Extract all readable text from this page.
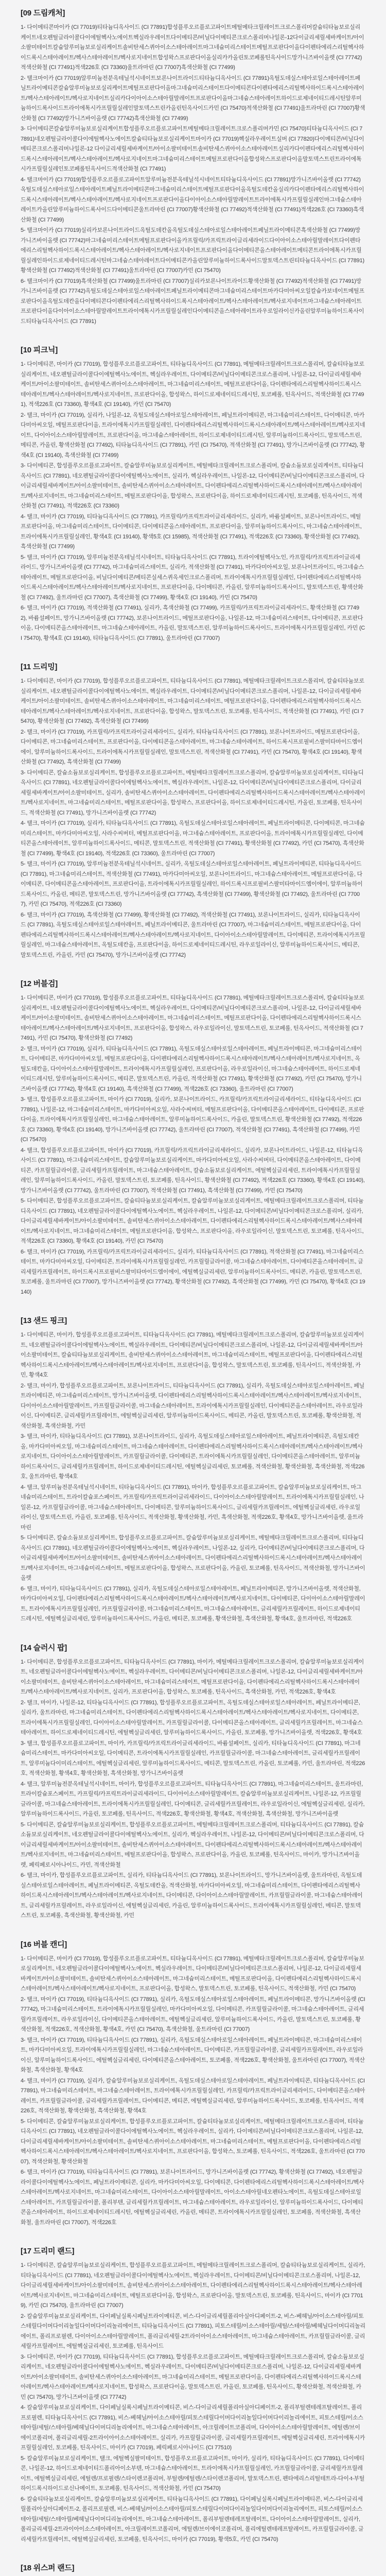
[09 드림캐처]

1- 다이메티콘마이카 (CI 77019)티타늄디옥사이드 (CI 77891)합성플루오르플로고파이트메틸메타크릴레이트크로스폴리머칼슘티타늄보로실리케이트네오펜틸글라이콜다이에틸헥사노에이트헥실라우레이트다이메티콘/비닐다이메티콘크로스폴리머나일론-12다이글리세릴세바케이트/아이소팔미테이트칼슘알루미늄보로실리케이트솔비탄세스퀴아이소스테아레이트마그네슘미리스테이트메틸프로판다이올다이펜타에리스리틸헥사하이드록시스테아레이트/헥사스테아레이트/헥사로지네이트합성왁스프로판다이올실리카카올린토코페롤틴옥사이드망가니즈바이올렛 (CI 77742)적색산화철 (CI 77491)적색226호 (CI 73360)울트라마린 (CI 77007)흑색산화철 (CI 77499)

2- 탤크마이카 (CI 77019)알루미늄전분옥테닐석시네이트보론나이트라이드티타늄디옥사이드 (CI 77891)옥틸도데실스테아로일스테아레이트페닐트라이메티콘칼슘알루미늄보로실리케이트메틸프로판다이올마그네슘미리스테이트다이메티콘다이펜타에리스리틸헥사하이드록시스테아레이트/헥사스테아레이트/헥사로지네이트실리카다이아이소스테아릴말레이트프로판다이올마그네슘스테아레이트하이드로제네이티드레시틴알루미늄하이드록사이드트라이에톡시카프릴릴실레인말토덱스트린카올린틴옥사이드카민 (CI 75470)적색산화철 (CI 77491)울트라마린 (CI 77007)황색산화철 (CI 77492)망가니즈바이올렛 (CI 77742)흑색산화철 (CI 77499)

3- 다이메티콘칼슘알루미늄보로실리케이트합성플루오르플로고파이트메틸메타크릴레이트크로스폴리머카민 (CI 75470)티타늄디옥사이드 (CI 77891)네오펜틸글라이콜다이에틸헥사노에이트칼슘티타늄보로실리케이트마이카 (CI 77019)헥실라우레이트실버 (CI 77820)다이메티콘/비닐다이메티콘크로스폴리머나일론-12 다이글리세릴세바케이트/아이소팔미테이트솔비탄세스퀴아이소스테아레이트실리카다이펜타에리스리틸헥사하이드록시스테아레이트/헥사스테아레이트/헥사로지네이트마그네슘미리스테이트메틸프로판다이올합성왁스프로판다이올말토덱스트린트라이에톡시카프릴릴실레인토코페롤틴옥사이드적색산화철 (CI 77491)

4- 탤크마이카 (CI 77019)합성플루오르플로고파이트알루미늄전분옥테닐석시네이트티타늄디옥사이드 (CI 77891)망가니즈바이올렛 (CI 77742)옥틸도데실스테아로일스테아레이트페닐트라이메티콘마그네슘미리스테이트메틸프로판다이올옥틸도데칸올실리카다이펜타에리스리틸헥사하이드록시스테아레이트/헥사스테아레이트/헥사로지네이트프로판다이올다이아이소스테아릴말레이트트라이에톡시카프릴릴실레인마그네슘스테아레이트카올린알루미늄하이드록사이드다이메티콘울트라마린 (CI 77007)황색산화철 (CI 77492)적색산화철 (CI 77491)적색226호 (CI 73360)흑색산화철 (CI 77499)

5- 탤크마이카 (CI 77019)실리카보론나이트라이드옥틸도데칸올옥틸도데실스테아로일스테아레이트페닐트라이메티콘흑색산화철 (CI 77499)망가니즈바이올렛 (CI 77742)마그네슘미리스테이트메틸프로판다이올카프릴릭/카프릭트라이글리세라이드다이아이소스테아릴말레이트다이펜타에리스리틸헥사하이드록시스테아레이트/헥사스테아레이트/헥사로지네이트프로판다이올다이메티콘올스테아레이트메티콘트라이에톡시카프릴릴실레인하이드로제네이티드레시틴마그네슘스테아레이트다이메티콘카올린알루미늄하이드록사이드말토덱스트린티타늄디옥사이드 (CI 77891)황색산화철 (CI 77492)적색산화철 (CI 77491)울트라마린 (CI 77007)카민 (CI 75470)

6- 탤크마이카 (CI 77019)흑색산화철 (CI 77499)울트라마린 (CI 77007)실리카보론나이트라이드황색산화철 (CI 77492)적색산화철 (CI 77491)망가니즈바이올렛 (CI 77742)옥틸도데실스테아로일스테아레이트페닐트라이메티콘마그네슘미리스테이트마카다미아씨오일칼슘카보네이트메틸프로판다이올옥틸도데칸올다이메티콘다이펜타에리스리틸헥사하이드록시스테아레이트/헥사스테아레이트/헥사로지네이트마그네슘스테아레이트프로판다이올다이아이소스테아릴말레이트트라이에톡시카프릴릴실레인다이메티콘올스테아레이트라우로일라이신카올린알루미늄하이드록사이드티타늄디옥사이드 (CI 77891)

[10 피크닉]

1- 다이메티콘, 마이카 (CI 77019), 합성플루오르플로고파이트, 티타늄디옥사이드 (CI 77891), 메틸메타크릴레이트크로스폴리머, 칼슘티타늄보로실리케이트, 네오펜틸글라이콜다이에틸헥사노에이트, 헥실라우레이트, 다이메티콘/비닐다이메티콘크로스폴리머, 나일론-12, 다이글리세릴세바케이트/아이소팔미테이트, 솔비탄세스퀴아이소스테아레이트, 마그네슘미리스테이트, 메틸프로판다이올, 다이펜타에리스리틸헥사하이드록시스테아레이트/헥사스테아레이트/헥사로지네이트, 프로판다이올, 합성왁스, 하이드로제네이티드레시틴, 토코페롤, 틴옥사이드, 적색산화철 (CI 77491), 적색226호 (CI 73360), 황색4호 (CI 19140), 카민 (CI 75470)

2- 탤크, 마이카 (CI 77019), 실리카, 나일론-12, 옥틸도데실스테아로일스테아레이트, 페닐트라이메티콘, 마그네슘미리스테이트, 다이메티콘, 마카다미아씨오일, 메틸프로판다이올, 트라이에톡시카프릴릴실레인, 다이펜타에리스리틸헥사하이드록시스테아레이트/헥사스테아레이트/헥사로지네이트, 다이아이소스테아릴말레이트, 프로판다이올, 마그네슘스테아레이트, 하이드로제네이티드레시틴, 알루미늄하이드록사이드, 말토덱스트린, 메티콘, 카올린, 황색산화철 (CI 77492), 티타늄디옥사이드 (CI 77891), 카민 (CI 75470), 적색산화철 (CI 77491), 망가니즈바이올렛 (CI 77742), 황색4호 (CI 19140), 흑색산화철 (CI 77499)

3- 다이메티콘, 합성플루오르플로고파이트, 칼슘알루미늄보로실리케이트, 메틸메타크릴레이트크로스폴리머, 칼슘소듐보로실리케이트, 티타늄디옥사이드 (CI 77891), 네오펜틸글라이콜다이에틸헥사노에이트, 실리카, 헥실라우레이트, 나일론-12, 다이메티콘/비닐다이메티콘크로스폴리머, 다이글리세릴세바케이트/아이소팔미테이트, 솔비탄세스퀴아이소스테아레이트, 다이펜타에리스리틸헥사하이드록시스테아레이트/헥사스테아레이트/헥사로지네이트, 마그네슘미리스테이트, 메틸프로판다이올, 합성왁스, 프로판다이올, 하이드로제네이티드레시틴, 토코페롤, 틴옥사이드, 적색산화철 (CI 77491), 적색226호 (CI 73360)

4- 탤크, 마이카 (CI 77019), 티타늄디옥사이드 (CI 77891), 카프릴릭/카프릭트라이글리세라이드, 실리카, 바륨설페이트, 보론나이트라이드, 메틸프로판다이올, 마그네슘미리스테이트, 다이메티콘, 다이메티콘올스테아레이트, 프로판다이올, 알루미늄하이드록사이드, 마그네슘스테아레이트, 트라이에톡시카프릴릴실레인, 황색4호 (CI 19140), 황색5호 (CI 15985), 적색산화철 (CI 77491), 적색226호 (CI 73360), 황색산화철 (CI 77492), 흑색산화철 (CI 77499)

5- 탤크, 마이카 (CI 77019), 알루미늄전분옥테닐석시네이트, 티타늄디옥사이드 (CI 77891), 트라이에틸헥사노인, 카프릴릭/카프릭트라이글리세라이드, 망가니즈바이올렛 (CI 77742), 마그네슘미리스테이트, 실리카, 적색산화철 (CI 77491), 마카다미아씨오일, 보론나이트라이드, 마그네슘스테아레이트, 메틸프로판다이올, 비닐다이메티콘/메티콘실세스퀴옥세인크로스폴리머, 트라이에톡시카프릴릴실레인, 다이펜타에리스리틸헥사하이드록시스테아레이트/헥사스테아레이트/헥사로지네이트, 프로판다이올, 다이메티콘, 카올린, 알루미늄하이드록사이드, 말토덱스트린, 황색산화철 (CI 77492), 울트라마린 (CI 77007), 흑색산화철 (CI 77499), 황색4호 (CI 19140), 카민 (CI 75470)

6- 탤크, 마이카 (CI 77019), 적색산화철 (CI 77491), 실리카, 흑색산화철 (CI 77499), 카프릴릭/카프릭트라이글리세라이드, 황색산화철 (CI 77492), 바륨설페이트, 망가니즈바이올렛 (CI 77742), 보론나이트라이드, 메틸프로판다이올, 나일론-12, 마그네슘미리스테이트, 다이메티콘, 프로판다이올, 다이메티콘올스테아레이트, 마그네슘스테아레이트, 카올린, 말토덱스트린, 알루미늄하이드록사이드, 트라이에톡시카프릴릴실레인, 카민 (CI 75470), 황색4호 (CI 19140), 티타늄디옥사이드 (CI 77891), 울트라마린 (CI 77007)

[11 드리밍]

1- 다이메티콘, 마이카 (CI 77019), 합성플루오르플로고파이트, 티타늄디옥사이드 (CI 77891), 메틸메타크릴레이트크로스폴리머, 칼슘티타늄보로실리케이트, 네오펜틸글라이콜다이에틸헥사노에이트, 헥실라우레이트, 다이메티콘/비닐다이메티콘크로스폴리머, 나일론-12, 다이글리세릴세바케이트/아이소팔미테이트, 솔비탄세스퀴아이소스테아레이트, 마그네슘미리스테이트, 메틸프로판다이올, 다이펜타에리스리틸헥사하이드록시스테아레이트/헥사스테아레이트/헥사로지네이트, 프로판다이올, 합성왁스, 말토덱스트린, 토코페롤, 틴옥사이드, 적색산화철 (CI 77491), 카민 (CI 75470), 황색산화철 (CI 77492), 흑색산화철 (CI 77499)

2- 탤크, 마이카 (CI 77019), 카프릴릭/카프릭트라이글리세라이드, 실리카, 티타늄디옥사이드 (CI 77891), 보론나이트라이드, 메틸프로판다이올, 다이메티콘, 마그네슘미리스테이트, 프로판다이올, 다이메티콘올스테아레이트, 마그네슘스테아레이트, 하이드록시프로필비스팔미타마이드엠이에이, 알루미늄하이드록사이드, 트라이에톡시카프릴릴실레인, 말토덱스트린, 적색산화철 (CI 77491), 카민 (CI 75470), 황색4호 (CI 19140), 황색산화철 (CI 77492), 흑색산화철 (CI 77499)

3- 다이메티콘, 칼슘소듐보로실리케이트, 합성플루오르플로고파이트, 메틸메타크릴레이트크로스폴리머, 칼슘알루미늄보로실리케이트, 티타늄디옥사이드 (CI 77891), 네오펜틸글라이콜다이에틸헥사노에이트, 헥실라우레이트, 나일론-12, 다이메티콘/비닐다이메티콘크로스폴리머, 다이글리세릴세바케이트/아이소팔미테이트, 실리카, 솔비탄세스퀴아이소스테아레이트, 다이펜타에리스리틸헥사하이드록시스테아레이트/헥사스테아레이트/헥사로지네이트, 마그네슘미리스테이트, 메틸프로판다이올, 합성왁스, 프로판다이올, 하이드로제네이티드레시틴, 카올린, 토코페롤, 틴옥사이드, 적색산화철 (CI 77491), 망가니즈바이올렛 (CI 77742)

4- 탤크, 마이카 (CI 77019), 실리카, 티타늄디옥사이드 (CI 77891), 옥틸도데실스테아로일스테아레이트, 페닐트라이메티콘, 다이메티콘, 마그네슘미리스테이트, 마카다미아씨오일, 사라수씨버터, 메틸프로판다이올, 마그네슘스테아레이트, 프로판다이올, 트라이에톡시카프릴릴실레인, 다이메티콘올스테아레이트, 알루미늄하이드록사이드, 메티콘, 말토덱스트린, 적색산화철 (CI 77491), 황색산화철 (CI 77492), 카민 (CI 75470), 흑색산화철 (CI 77499), 황색4호 (CI 19140), 적색226호 (CI 73360), 울트라마린 (CI 77007)

5- 탤크, 마이카 (CI 77019), 알루미늄전분옥테닐석시네이트, 실리카, 옥틸도데실스테아로일스테아레이트, 페닐트라이메티콘, 티타늄디옥사이드 (CI 77891), 마그네슘미리스테이트, 적색산화철 (CI 77491), 마카다미아씨오일, 보론나이트라이드, 마그네슘스테아레이트, 메틸프로판다이올, 다이메티콘, 다이메티콘올스테아레이트, 프로판다이올, 트라이에톡시카프릴릴실레인, 하이드록시프로필비스팔미타마이드엠이에이, 알루미늄하이드록사이드, 카올린, 메티콘, 말토덱스트린, 망가니즈바이올렛 (CI 77742), 흑색산화철 (CI 77499), 황색산화철 (CI 77492), 울트라마린 (CI 77007), 카민 (CI 75470), 적색226호 (CI 73360)

6- 탤크, 마이카 (CI 77019), 흑색산화철 (CI 77499), 황색산화철 (CI 77492), 적색산화철 (CI 77491), 보론나이트라이드, 실리카, 티타늄디옥사이드 (CI 77891), 옥틸도데실스테아로일스테아레이트, 페닐트라이메티콘, 울트라마린 (CI 77007), 마그네슘미리스테이트, 메틸프로판다이올, 다이펜타에리스리틸헥사하이드록시스테아레이트/헥사스테아레이트/헥사로지네이트, 다이아이소스테아릴말레이트, 다이메티콘, 트라이에톡시카프릴릴실레인, 마그네슘스테아레이트, 옥틸도데칸올, 프로판다이올, 하이드로제네이티드레시틴, 라우로일라이신, 알루미늄하이드록사이드, 메티콘, 말토덱스트린, 카올린, 카민 (CI 75470), 망가니즈바이올렛 (CI 77742)

[12 버블검]

1- 다이메티콘, 마이카 (CI 77019), 합성플루오르플로고파이트, 티타늄디옥사이드 (CI 77891), 메틸메타크릴레이트크로스폴리머, 칼슘티타늄보로실리케이트, 네오펜틸글라이콜다이에틸헥사노에이트, 헥실라우레이트, 다이메티콘/비닐다이메티콘크로스폴리머, 나일론-12, 다이글리세릴세바케이트/아이소팔미테이트, 솔비탄세스퀴아이소스테아레이트, 마그네슘미리스테이트, 메틸프로판다이올, 다이펜타에리스리틸헥사하이드록시스테아레이트/헥사스테아레이트/헥사로지네이트, 프로판다이올, 합성왁스, 라우로일라이신, 말토덱스트린, 토코페롤, 틴옥사이드, 적색산화철 (CI 77491), 카민 (CI 75470), 황색산화철 (CI 77492)

2- 탤크, 마이카 (CI 77019), 실리카, 티타늄디옥사이드 (CI 77891), 옥틸도데실스테아로일스테아레이트, 페닐트라이메티콘, 마그네슘미리스테이트, 다이메티콘, 마카다미아씨오일, 메틸프로판다이올, 다이펜타에리스리틸헥사하이드록시스테아레이트/헥사스테아레이트/헥사로지네이트, 옥틸도데칸올, 다이아이소스테아릴말레이트, 트라이에톡시카프릴릴실레인, 프로판다이올, 라우로일라이신, 마그네슘스테아레이트, 하이드로제네이티드레시틴, 알루미늄하이드록사이드, 메티콘, 말토덱스트린, 카올린, 적색산화철 (CI 77491), 황색산화철 (CI 77492), 카민 (CI 75470), 망가니즈바이올렛 (CI 77742), 황색4호 (CI 19140), 흑색산화철 (CI 77499), 적색226호 (CI 73360), 울트라마린 (CI 77007)

3- 탤크, 합성플루오르플로고파이트, 마이카 (CI 77019), 실리카, 보론나이트라이드, 카프릴릭/카프릭트라이글리세라이드, 티타늄디옥사이드 (CI 77891), 나일론-12, 마그네슘미리스테이트, 마카다미아씨오일, 사라수씨버터, 메틸프로판다이올, 다이메티콘올스테아레이트, 다이메티콘, 프로판다이올, 트라이에톡시카프릴릴실레인, 마그네슘스테아레이트, 알루미늄하이드록사이드, 카올린, 말토덱스트린, 황색산화철 (CI 77492), 적색226호 (CI 73360), 황색4호 (CI 19140), 망가니즈바이올렛 (CI 77742), 울트라마린 (CI 77007), 적색산화철 (CI 77491), 흑색산화철 (CI 77499), 카민 (CI 75470)

4- 탤크, 합성플루오르플로고파이트, 마이카 (CI 77019), 카프릴릭/카프릭트라이글리세라이드, 실리카, 보론나이트라이드, 나일론-12, 티타늄디옥사이드 (CI 77891), 마그네슘미리스테이트, 칼슘알루미늄보로실리케이트, 마카다미아씨오일, 사라수씨버터, 다이메티콘올스테아레이트, 다이메티콘, 카프릴릴글라이콜, 글리세릴카프릴레이트, 마그네슘스테아레이트, 칼슘소듐보로실리케이트, 에틸헥실글리세린, 트라이에톡시카프릴릴실레인, 알루미늄하이드록사이드, 카올린, 말토덱스트린, 토코페롤, 틴옥사이드, 황색산화철 (CI 77492), 적색226호 (CI 73360), 황색4호 (CI 19140), 망가니즈바이올렛 (CI 77742), 울트라마린 (CI 77007), 적색산화철 (CI 77491), 흑색산화철 (CI 77499), 카민 (CI 75470)

5- 다이메티콘, 합성플루오르플로고파이트, 칼슘티타늄보로실리케이트, 칼슘알루미늄보로실리케이트, 메틸메타크릴레이트크로스폴리머, 티타늄디옥사이드 (CI 77891), 네오펜틸글라이콜다이에틸헥사노에이트, 헥실라우레이트, 나일론-12, 다이메티콘/비닐다이메티콘크로스폴리머, 실리카, 다이글리세릴세바케이트/아이소팔미테이트, 솔비탄세스퀴아이소스테아레이트, 다이펜타에리스리틸헥사하이드록시스테아레이트/헥사스테아레이트/헥사로지네이트, 마그네슘미리스테이트, 메틸프로판다이올, 합성왁스, 프로판다이올, 라우로일라이신, 말토덱스트린, 토코페롤, 틴옥사이드, 적색226호 (CI 73360), 황색4호 (CI 19140), 카민 (CI 75470)

6- 탤크, 마이카 (CI 77019), 카프릴릭/카프릭트라이글리세라이드, 실리카, 티타늄디옥사이드 (CI 77891), 적색산화철 (CI 77491), 마그네슘미리스테이트, 마카다미아씨오일, 다이메티콘, 트라이에톡시카프릴릴실레인, 카프릴릴글라이콜, 마그네슘스테아레이트, 다이메티콘올스테아레이트, 글리세릴카프릴레이트, 하이드록시프로필비스팔미타마이드엠이에이, 에틸헥실글리세린, 알루미늄하이드록사이드, 메티콘, 카올린, 말토덱스트린, 토코페롤, 울트라마린 (CI 77007), 망가니즈바이올렛 (CI 77742), 황색산화철 (CI 77492), 흑색산화철 (CI 77499), 카민 (CI 75470), 황색4호 (CI 19140)

[13 샌드 핑크]

1- 다이메티콘, 마이카, 합성플루오르플로고파이트, 티타늄디옥사이드 (CI 77891), 메틸메타크릴레이트크로스폴리머, 칼슘알루미늄보로실리케이트, 네오펜틸글라이콜다이에틸헥사노에이트, 헥실라우레이트, 다이메티콘/비닐다이메티콘크로스폴리머, 나일론-12, 다이글리세릴세바케이트/아이소팔미테이트, 칼슘티타늄보로실리케이트, 솔비탄세스퀴아이소스테아레이트, 마그네슘미리스테이트, 메틸프로판다이올, 다이펜타에리스리틸헥사하이드록시스테아레이트/헥사스테아레이트/헥사로지네이트, 프로판다이올, 합성왁스, 말토덱스트린, 토코페롤, 틴옥사이드, 적색산화철, 카민, 황색4호

2- 탤크, 마이카, 합성플루오르플로고파이트, 보론나이트라이드, 티타늄디옥사이드 (CI 77891), 실리카, 옥틸도데실스테아로일스테아레이트, 페닐트라이메티콘, 마그네슘미리스테이트, 망가니즈바이올렛, 다이펜타에리스리틸헥사하이드록시스테아레이트/헥사스테아레이트/헥사로지네이트, 다이아이소스테아릴말레이트, 카프릴릴글라이콜, 마그네슘스테아레이트, 트라이에톡시카프릴릴실레인, 다이메티콘올스테아레이트, 라우로일라이신, 다이메티콘, 글리세릴카프릴레이트, 에틸헥실글리세린, 알루미늄하이드록사이드, 메티콘, 카올린, 말토덱스트린, 토코페롤, 황색산화철, 적색산화철, 흑색산화철, 카민

3- 탤크, 마이카, 티타늄디옥사이드 (CI 77891), 보론나이트라이드, 실리카, 옥틸도데실스테아로일스테아레이트, 페닐트라이메티콘, 옥틸도데칸올, 마카다미아씨오일, 마그네슘미리스테이트, 마그네슘스테아레이트, 다이펜타에리스리틸헥사하이드록시스테아레이트/헥사스테아레이트/헥사로지네이트, 다이아이소스테아릴말레이트, 카프릴릴글라이콜, 다이메티콘, 트라이에톡시카프릴릴실레인, 다이메티콘올스테아레이트, 알루미늄하이드록사이드, 글리세릴카프릴레이트, 하이드로제네이티드레시틴, 에틸헥실글리세린, 토코페롤, 적색산화철, 황색산화철, 흑색산화철, 적색226호, 울트라마린, 황색4호

4- 탤크, 알루미늄전분옥테닐석시네이트, 티타늄디옥사이드 (CI 77891), 마이카, 합성플루오르플로고파이트, 칼슘알루미늄보로실리케이트, 마그네슘미리스테이트, 트라이칼슘포스페이트, 카프릴릭/카프릭트라이글리세라이드, 다이아이소스테아릴말레이트, 트라이에톡시카프릴릴실레인, 나일론-12, 카프릴릴글라이콜, 마그네슘스테아레이트, 다이메티콘, 알루미늄하이드록사이드, 글리세릴카프릴레이트, 에틸헥실글리세린, 라우로일라이신, 말토덱스트린, 카올린, 토코페롤, 틴옥사이드, 적색산화철, 황색산화철, 카민, 흑색산화철, 적색226호, 황색4호, 망가니즈바이올렛, 울트라마린

5- 다이메티콘, 칼슘소듐보로실리케이트, 합성플루오르플로고파이트, 칼슘알루미늄보로실리케이트, 메틸메타크릴레이트크로스폴리머, 티타늄디옥사이드 (CI 77891), 네오펜틸글라이콜다이에틸헥사노에이트, 헥실라우레이트, 나일론-12, 실리카, 다이메티콘/비닐다이메티콘크로스폴리머, 다이글리세릴세바케이트/아이소팔미테이트, 솔비탄세스퀴아이소스테아레이트, 다이펜타에리스리틸헥사하이드록시스테아레이트/헥사스테아레이트/헥사로지네이트, 마그네슘미리스테이트, 메틸프로판다이올, 합성왁스, 프로판다이올, 카올린, 토코페롤, 틴옥사이드, 적색산화철, 망가니즈바이올렛

6- 탤크, 마이카, 티타늄디옥사이드 (CI 77891), 실리카, 옥틸도데실스테아로일스테아레이트, 페닐트라이메티콘, 망가니즈바이올렛, 적색산화철, 마카다미아씨오일, 다이펜타에리스리틸헥사하이드록시스테아레이트/헥사스테아레이트/헥사로지네이트, 다이메티콘, 다이아이소스테아릴말레이트, 트라이에톡시카프릴릴실레인, 카프릴릴글라이콜, 마그네슘미리스테이트, 마그네슘스테아레이트, 글리세릴카프릴레이트, 하이드로제네이티드레시틴, 에틸헥실글리세린, 알루미늄하이드록사이드, 카올린, 메티콘, 토코페롤, 황색산화철, 흑색산화철, 황색4호, 울트라마린, 적색226호

[14 슬러시 팝]

1- 다이메티콘, 합성플루오르플로고파이트, 티타늄디옥사이드 (CI 77891), 마이카, 메틸메타크릴레이트크로스폴리머, 칼슘알루미늄보로실리케이트, 네오펜틸글라이콜다이에틸헥사노에이트, 헥실라우레이트, 다이메티콘/비닐다이메티콘크로스폴리머, 나일론-12, 다이글리세릴세바케이트/아이소팔미테이트, 솔비탄세스퀴아이소스테아레이트, 마그네슘미리스테이트, 메틸프로판다이올, 다이펜타에리스리틸헥사하이드록시스테아레이트/헥사스테아레이트/헥사로지네이트, 실리카, 프로판다이올, 합성왁스, 토코페롤, 틴옥사이드, 흑색산화철, 카민, 적색226호, 황색4호

2- 탤크, 마이카, 나일론-12, 티타늄디옥사이드 (CI 77891), 합성플루오르플로고파이트, 옥틸도데실스테아로일스테아레이트, 페닐트라이메티콘, 실리카, 울트라마린, 마그네슘미리스테이트, 다이펜타에리스리틸헥사하이드록시스테아레이트/헥사스테아레이트/헥사로지네이트, 다이메티콘, 트라이에톡시카프릴릴실레인, 다이아이소스테아릴말레이트, 카프릴릴글라이콜, 다이메티콘올스테아레이트, 글리세릴카프릴레이트, 마그네슘스테아레이트, 하이드로제네이티드레시틴, 에틸헥실글리세린, 알루미늄하이드록사이드, 카올린, 토코페롤, 망가니즈바이올렛, 적색226호, 황색4호

3- 탤크, 합성플루오르플로고파이트, 마이카, 카프릴릭/카프릭트라이글리세라이드, 바륨설페이트, 실리카, 티타늄디옥사이드 (CI 77891), 마그네슘미리스테이트, 마카다미아씨오일, 다이메티콘, 트라이에톡시카프릴릴실레인, 카프릴릴글라이콜, 마그네슘스테아레이트, 글리세릴카프릴레이트, 알루미늄다이미리스테이트, 에틸헥실글리세린, 알루미늄하이드록사이드, 메티콘, 말토덱스트린, 카올린, 토코페롤, 카민, 울트라마린, 적색226호, 적색산화철, 황색4호, 황색산화철, 흑색산화철, 망가니즈바이올렛

4- 탤크, 알루미늄전분옥테닐석시네이트, 마이카, 합성플루오르플로고파이트, 티타늄디옥사이드 (CI 77891), 마그네슘미리스테이트, 울트라마린, 트라이칼슘포스페이트, 카프릴릭/카프릭트라이글리세라이드, 다이아이소스테아릴말레이트, 칼슘알루미늄보로실리케이트, 나일론-12, 카프릴릴글라이콜, 마그네슘스테아레이트, 트라이에톡시카프릴릴실레인, 다이메티콘, 글리세릴카프릴레이트, 라우로일라이신, 에틸헥실글리세린, 실리카, 알루미늄하이드록사이드, 카올린, 토코페롤, 틴옥사이드, 적색226호, 황색산화철, 황색4호, 적색산화철, 흑색산화철, 망가니즈바이올렛

5- 다이메티콘, 칼슘알루미늄보로실리케이트, 합성플루오르플로고파이트, 메틸메타크릴레이트크로스폴리머, 티타늄디옥사이드 (CI 77891), 칼슘소듐보로실리케이트, 네오펜틸글라이콜다이에틸헥사노에이트, 실리카, 헥실라우레이트, 나일론-12, 다이메티콘/비닐다이메티콘크로스폴리머, 다이글리세릴세바케이트/아이소팔미테이트, 솔비탄세스퀴아이소스테아레이트, 다이펜타에리스리틸헥사하이드록시스테아레이트/헥사스테아레이트/헥사로지네이트, 마그네슘미리스테이트, 메틸프로판다이올, 합성왁스, 프로판다이올, 카올린, 토코페롤, 틴옥사이드, 마이카, 망가니즈바이올렛, 페릭페로시아나이드, 카민, 적색산화철

6- 탤크, 마이카, 합성플루오르플로고파이트, 실리카, 티타늄디옥사이드 (CI 77891), 보론나이트라이드, 망가니즈바이올렛, 울트라마린, 옥틸도데실스테아로일스테아레이트, 페닐트라이메티콘, 옥틸도데칸올, 적색산화철, 마카다미아씨오일, 마그네슘미리스테이트, 다이펜타에리스리틸헥사하이드록시스테아레이트/헥사스테아레이트/헥사로지네이트, 다이메티콘, 다이아이소스테아릴말레이트, 카프릴릴글라이콜, 마그네슘스테아레이트, 글리세릴카프릴레이트, 라우로일라이신, 에틸헥실글리세린, 카올린, 알루미늄하이드록사이드, 트라이에톡시카프릴릴실레인, 메티콘, 말토덱스트린, 토코페롤, 흑색산화철, 황색산화철, 카민

[16 버블 캔디]

1- 다이메티콘, 마이카 (CI 77019), 합성플루오르플로고파이트, 티타늄디옥사이드 (CI 77891), 메틸메타크릴레이트크로스폴리머, 칼슘알루미늄보로실리케이트, 네오펜틸글라이콜다이에틸헥사노에이트, 헥실라우레이트, 다이메티콘/비닐다이메티콘크로스폴리머, 나일론-12, 다이글리세릴세바케이트/아이소팔미테이트, 솔비탄세스퀴아이소스테아레이트, 마그네슘미리스테이트, 메틸프로판다이올, 다이펜타에리스리틸헥사하이드록시스테아레이트/헥사스테아레이트/헥사로지네이트, 프로판다이올, 합성왁스, 말토덱스트린, 토코페롤, 틴옥사이드, 적색산화철, 카민 (CI 75470)

2- 탤크, 마이카 (CI 77019), 티타늄디옥사이드 (CI 77891), 실리카, 옥틸도데실스테아로일스테아레이트, 페닐트라이메티콘, 망가니즈바이올렛 (CI 77742), 마그네슘미리스테이트, 트라이에톡시카프릴릴실레인, 마카다미아씨오일, 다이메티콘, 카프릴릴글라이콜, 마그네슘스테아레이트, 글리세릴카프릴레이트, 라우로일라이신, 다이메티콘올스테아레이트, 에틸헥실글리세린, 알루미늄하이드록사이드, 카올린, 말토덱스트린, 토코페롤, 황색산화철, 적색226호, 적색산화철, 황색4호, 카민 (CI 75470), 흑색산화철, 울트라마린 (CI 77007)

3- 탤크, 마이카 (CI 77019), 티타늄디옥사이드 (CI 77891), 실리카, 옥틸도데실스테아로일스테아레이트, 페닐트라이메티콘, 마그네슘미리스테이트, 마카다미아씨오일, 트라이에톡시카프릴릴실레인, 마그네슘스테아레이트, 다이메티콘, 카프릴릴글라이콜, 글리세릴카프릴레이트, 라우로일라이신, 알루미늄하이드록사이드, 에틸헥실글리세린, 다이메티콘올스테아레이트, 토코페롤, 적색226호, 황색산화철, 울트라마린 (CI 77007), 적색산화철, 흑색산화철, 황색4호

4- 탤크, 마이카 (CI 77019), 실리카, 칼슘알루미늄보로실리케이트, 옥틸도데실스테아로일스테아레이트, 페닐트라이메티콘, 티타늄디옥사이드 (CI 77891), 마그네슘미리스테이트, 마그네슘스테아레이트, 트라이에톡시카프릴릴실레인, 카프릴릭/카프릭트라이글리세라이드, 다이메티콘올스테아레이트, 카프릴릴글라이콜, 글리세릴카프릴레이트, 다이메티콘, 메티콘, 에틸헥실글리세린, 알루미늄하이드록사이드, 토코페롤, 틴옥사이드, 적색226호, 적색산화철, 황색산화철, 흑색산화철, 황색4호

5- 다이메티콘, 칼슘알루미늄보로실리케이트, 합성플루오르플로고파이트, 칼슘티타늄보로실리케이트, 메틸메타크릴레이트크로스폴리머, 티타늄디옥사이드 (CI 77891), 네오펜틸글라이콜다이에틸헥사노에이트, 헥실라우레이트, 실리카, 다이메티콘/비닐다이메티콘크로스폴리머, 나일론-12, 다이글리세릴세바케이트/아이소팔미테이트, 솔비탄세스퀴아이소스테아레이트, 마그네슘미리스테이트, 메틸프로판다이올, 다이펜타에리스리틸헥사하이드록시스테아레이트/헥사스테아레이트/헥사로지네이트, 프로판다이올, 합성왁스, 토코페롤, 틴옥사이드, 적색226호, 울트라마린 (CI 77007), 적색산화철, 황색산화철

6- 탤크, 마이카 (CI 77019), 티타늄디옥사이드 (CI 77891), 보론나이트라이드, 망가니즈바이올렛 (CI 77742), 황색산화철 (CI 77492), 네오펜틸글라이콜다이에틸헥사노에이트, 페닐트라이메티콘, 실리카, 마카다미아씨오일, 다이메티콘, 다이펜타에리스리틸헥사하이드록시스테아레이트/헥사스테아레이트/헥사로지네이트, 마그네슘미리스테이트, 다이아이소스테아릴말레이트, 아이소스테아릴네오펜타노에이트, 옥틸도데실스테아로일스테아레이트, 카프릴릴글라이콜, 폴리부텐, 글리세릴카프릴레이트, 마그네슘스테아레이트, 라우로일라이신, 알루미늄하이드록사이드, 다이메티콘올스테아레이트, 하이드로제네이티드레시틴, 에틸헥실글리세린, 카올린, 메티콘, 트라이에톡시카프릴릴실레인, 토코페롤, 적색산화철, 흑색산화철, 울트라마린 (CI 77007), 적색226호

[17 드리미 랜드]

1- 다이메티콘, 칼슘알루미늄보로실리케이트, 합성플루오르플로고파이트, 메틸메타크릴레이트크로스폴리머, 칼슘티타늄보로실리케이트, 실리카, 티타늄디옥사이드 (CI 77891), 네오펜틸글라이콜다이에틸헥사노에이트, 헥실라우레이트, 다이메티콘/비닐다이메티콘크로스폴리머, 나일론-12, 다이글리세릴세바케이트/아이소팔미테이트, 솔비탄세스퀴아이소스테아레이트, 다이펜타에리스리틸헥사하이드록시스테아레이트/헥사스테아레이트/헥사로지네이트, 마그네슘미리스테이트, 메틸프로판다이올, 합성왁스, 프로판다이올, 말토덱스트린, 토코페롤, 틴옥사이드, 마이카 (CI 77019), 카민 (CI 75470), 울트라마린 (CI 77007)

2- 칼슘알루미늄보로실리케이트, 다이페닐실록시페닐트라이메티콘, 비스-다이글리세릴폴리아실아디페이트-2, 비스-베헤닐/아이소스테아릴/피토스테릴다이머다이리놀일다이머다이리놀리에이트, 티타늄디옥사이드 (CI 77891), 피토스테릴/이소스테아릴/세틸/스테아릴/베헤닐다이머디리놀리에이트, 폴리프로필렌, 다이아이소스테아릴말레이트, 폴리글리세릴-2트라이아이소스테아레이트, 마그네슘스테아레이트, 카프릴릴글라이콜, 글리세릴카프릴레이트, 에틸헥실글리세린, 토코페롤, 틴옥사이드

3- 다이메티콘, 마이카 (CI 77019), 티타늄디옥사이드 (CI 77891), 합성플루오르플로고파이트, 메틸메타크릴레이트크로스폴리머, 칼슘소듐보로실리케이트, 네오펜틸글라이콜다이에틸헥사노에이트, 헥실라우레이트, 다이메티콘/비닐다이메티콘크로스폴리머, 나일론-12, 다이글리세릴세바케이트/아이소팔미테이트, 솔비탄세스퀴아이소스테아레이트, 마그네슘미리스테이트, 메틸프로판다이올, 다이펜타에리스리틸헥사하이드록시스테아레이트/헥사스테아레이트/헥사로지네이트, 합성왁스, 프로판다이올, 말토덱스트린, 카올린, 토코페롤, 틴옥사이드, 황색산화철, 적색산화철, 카민 (CI 75470), 망가니즈바이올렛 (CI 77742)

4- 칼슘알루미늄보로실리케이트, 다이페닐실록시페닐트라이메티콘, 비스-다이글리세릴폴리아실아디페이트-2, 폴리부틸렌테레프탈레이트, 폴리프로필렌, 티타늄디옥사이드 (CI 77891), 비스-베헤닐/아이소스테아릴/피토스테릴다이머다이리놀일다이머다이리놀리에이트, 피토스테릴/이소스테아릴/세틸/스테아릴/베헤닐다이머디리놀리에이트, 마그네슘스테아레이트, 아크릴레이트코폴리머, 다이아이소스테아릴말레이트, 에틸렌/브이에이코폴리머, 폴리글리세릴-2트라이아이소스테아레이트, 실리카, 카프릴릴글라이콜, 글리세릴카프릴레이트, 에틸헥실글리세린, 트라이에톡시카프릴릴실레인, 토코페롤, 틴옥사이드, 마이카 (CI 77019), 페릭페로시아나이드 (CI 77510)

5- 칼슘알루미늄보로실리케이트, 탤크, 에틸헥실팔미테이트, 합성플루오르플로고파이트, 마이카, 실리카, 티타늄디옥사이드 (CI 77891), 다이메티콘, 나일론-12, 하이드로제네이티드폴리아이소부텐, 마그네슘스테아레이트, 트라이에톡시카프릴릴실레인, 카프릴릴글라이콜, 글리세릴카프릴레이트, 에틸헥실글리세린, 에틸렌/프로필렌/스타이렌코폴리머, 부틸렌/에틸렌/스타이렌코폴리머, 말토덱스트린, 펜타에리스리틸테트라-다이-t-부틸하이드록시하이드로신나메이트, 토코페롤, 틴옥사이드, 적색산화철, 카민 (CI 75470)

6- 칼슘티타늄보로실리케이트, 칼슘알루미늄보로실리케이트, 티타늄디옥사이드 (CI 77891), 다이페닐실록시페닐트라이메티콘, 비스-다이글리세릴폴리아실아디페이트-2, 폴리프로필렌, 비스-베헤닐/아이소스테아릴/피토스테릴다이머다이리놀일다이머다이리놀리에이트, 피토스테릴/이소스테아릴/세틸/스테아릴/베헤닐다이머디리놀리에이트, 마그네슘스테아레이트, 폴리부틸렌테레프탈레이트, 다이아이소스테아릴말레이트, 실리카, 폴리글리세릴-2트라이아이소스테아레이트, 아크릴레이트코폴리머, 에틸렌/브이에이코폴리머, 폴리에틸렌테레프탈레이트, 카프릴릴글라이콜, 글리세릴카프릴레이트, 에틸헥실글리세린, 토코페롤, 틴옥사이드, 마이카 (CI 77019), 황색5호, 카민 (CI 75470)

[18 위스퍼 랜드]
